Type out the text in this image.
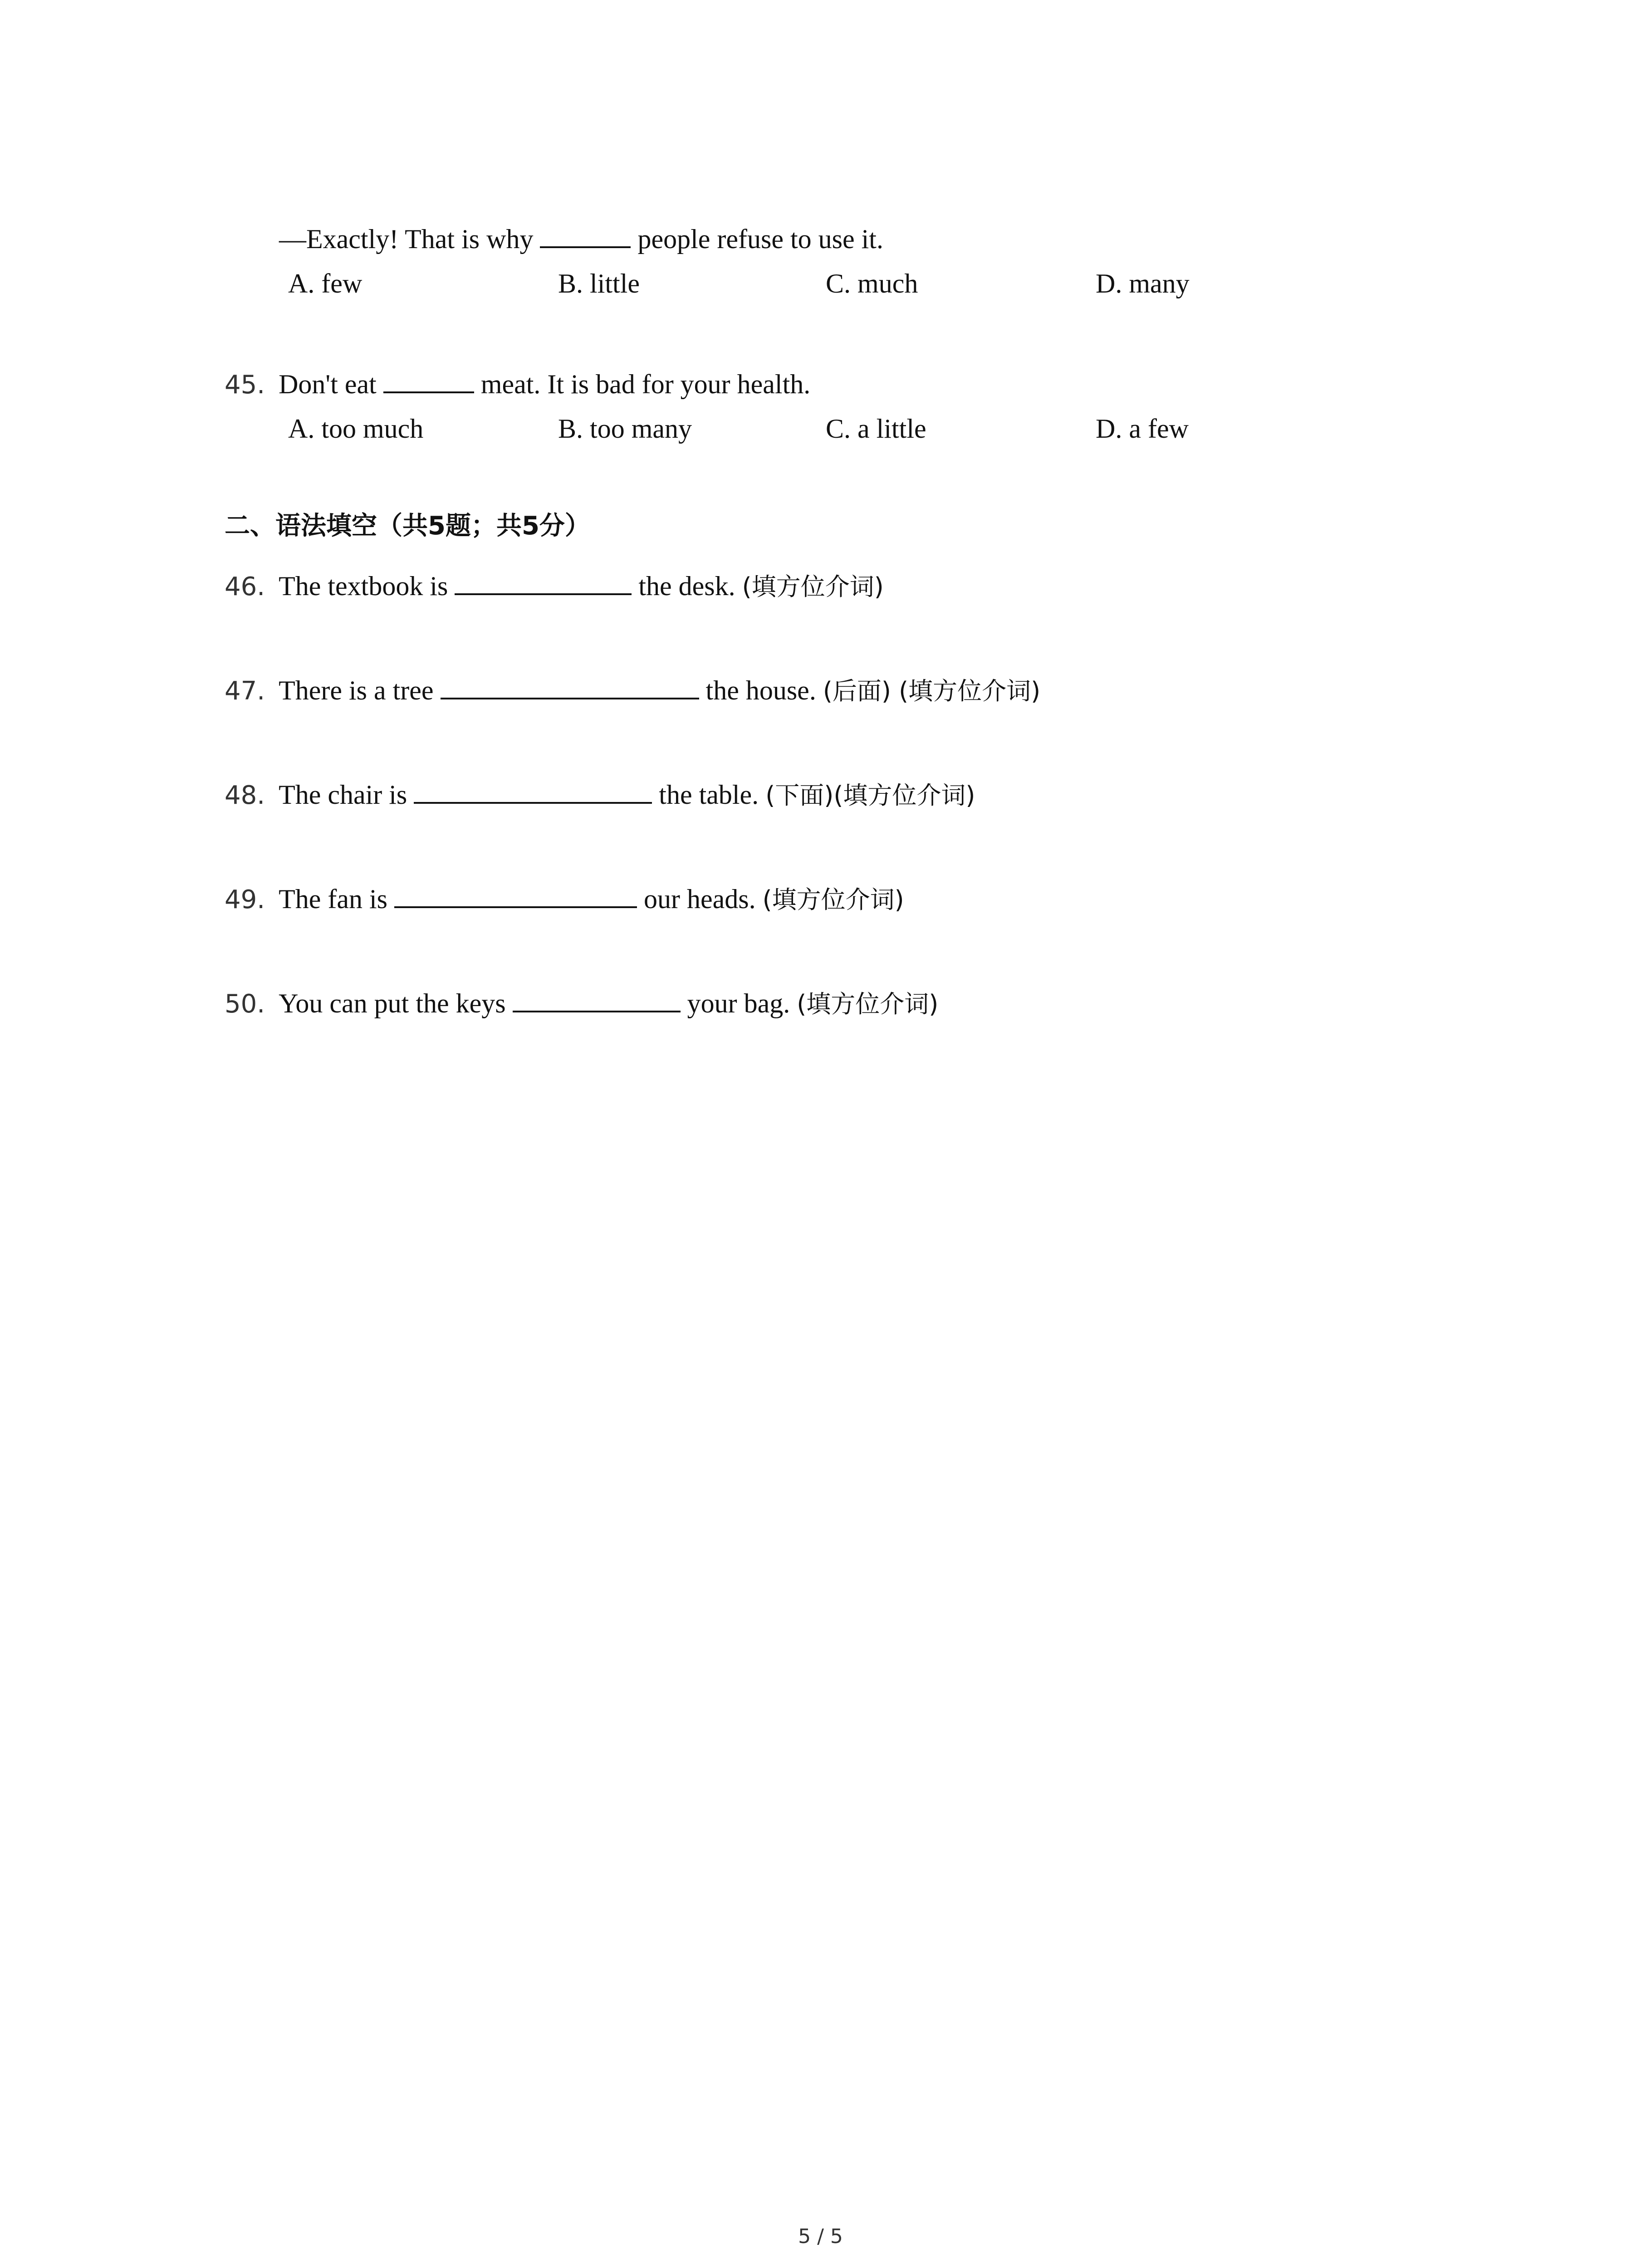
—Exactly! That is why	people refuse to use it.
A. few	B. little	C. much	D. many
45. Don't eat	meat. It is bad for your health.
A. too much	B. too many	C. a little	D. a few
二、语法填空（共5题；共5分）
46. The textbook is	the desk. (填方位介词)
47. There is a tree	the house. (后面) (填方位介词)
48. The chair is	the table. (下面)(填方位介词)
49. The fan is	our heads. (填方位介词)
50. You can put the keys	your bag. (填方位介词)
5 / 5
